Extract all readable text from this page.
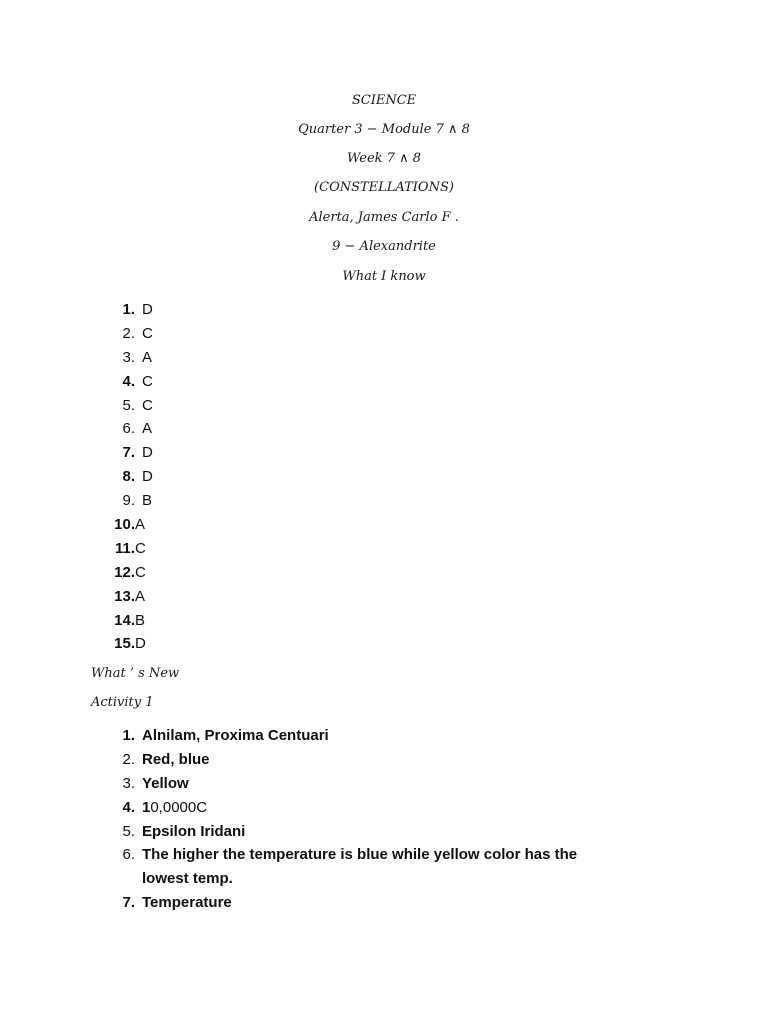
SCIENCE
Quarter 3 − Module 7 ∧ 8
Week 7 ∧ 8
(CONSTELLATIONS)
Alerta, James Carlo F .
9 − Alexandrite
What I know
1. D
2. C
3. A
4. C
5. C
6. A
7. D
8. D
9. B
10. A
11. C
12. C
13. A
14. B
15. D
What ’ s New
Activity 1
1. Alnilam, Proxima Centuari
2. Red, blue
3. Yellow
4. 10,0000C
5. Epsilon Iridani
6. The higher the temperature is blue while yellow color has the lowest temp.
7. Temperature
